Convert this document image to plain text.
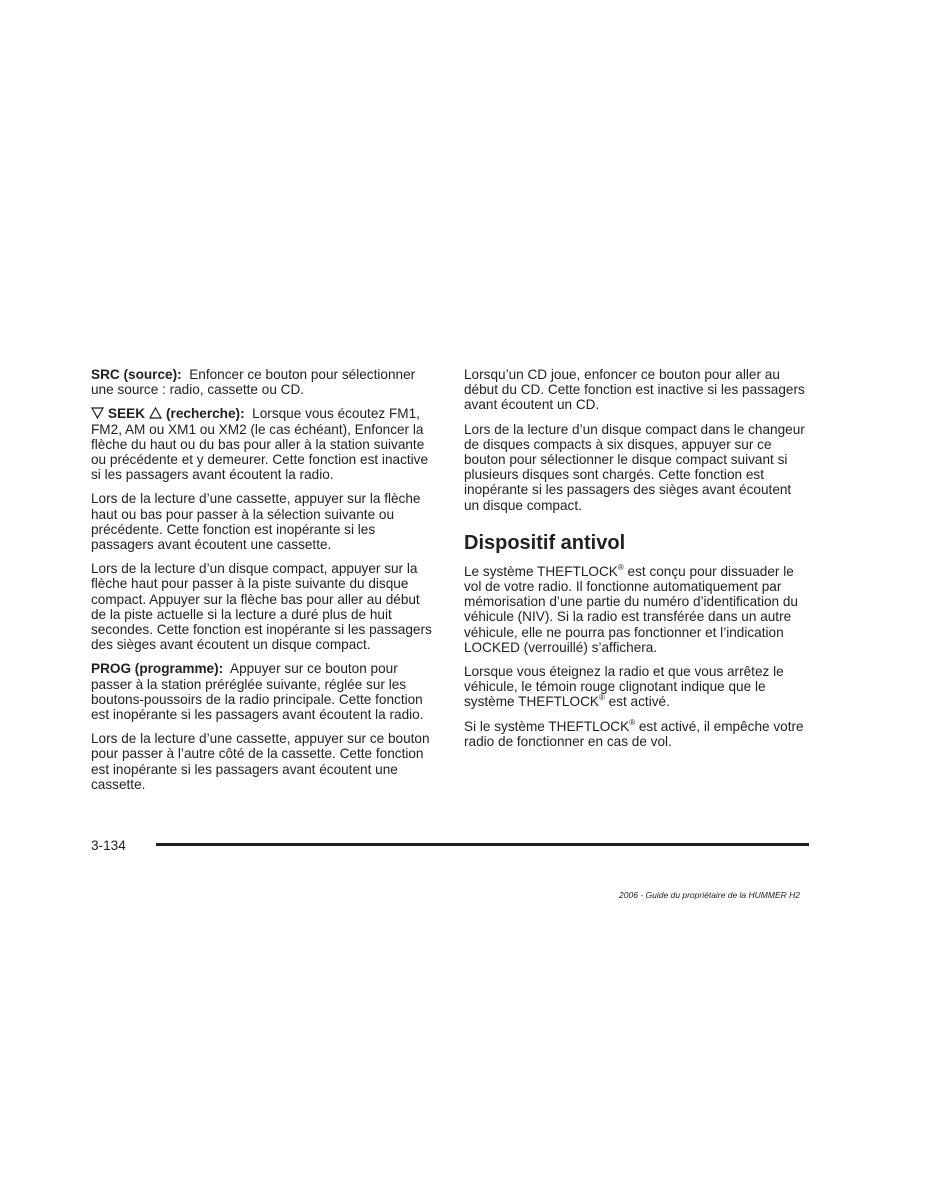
SRC (source): Enfoncer ce bouton pour sélectionner une source : radio, cassette ou CD.

SEEK (recherche): Lorsque vous écoutez FM1, FM2, AM ou XM1 ou XM2 (le cas échéant), Enfoncer la flèche du haut ou du bas pour aller à la station suivante ou précédente et y demeurer. Cette fonction est inactive si les passagers avant écoutent la radio.

Lors de la lecture d’une cassette, appuyer sur la flèche haut ou bas pour passer à la sélection suivante ou précédente. Cette fonction est inopérante si les passagers avant écoutent une cassette.

Lors de la lecture d’un disque compact, appuyer sur la flèche haut pour passer à la piste suivante du disque compact. Appuyer sur la flèche bas pour aller au début de la piste actuelle si la lecture a duré plus de huit secondes. Cette fonction est inopérante si les passagers des sièges avant écoutent un disque compact.

PROG (programme): Appuyer sur ce bouton pour passer à la station préréglée suivante, réglée sur les boutons-poussoirs de la radio principale. Cette fonction est inopérante si les passagers avant écoutent la radio.

Lors de la lecture d’une cassette, appuyer sur ce bouton pour passer à l’autre côté de la cassette. Cette fonction est inopérante si les passagers avant écoutent une cassette.

Lorsqu’un CD joue, enfoncer ce bouton pour aller au début du CD. Cette fonction est inactive si les passagers avant écoutent un CD.

Lors de la lecture d’un disque compact dans le changeur de disques compacts à six disques, appuyer sur ce bouton pour sélectionner le disque compact suivant si plusieurs disques sont chargés. Cette fonction est inopérante si les passagers des sièges avant écoutent un disque compact.

Dispositif antivol

Le système THEFTLOCK® est conçu pour dissuader le vol de votre radio. Il fonctionne automatiquement par mémorisation d’une partie du numéro d’identification du véhicule (NIV). Si la radio est transférée dans un autre véhicule, elle ne pourra pas fonctionner et l’indication LOCKED (verrouillé) s’affichera.

Lorsque vous éteignez la radio et que vous arrêtez le véhicule, le témoin rouge clignotant indique que le système THEFTLOCK® est activé.

Si le système THEFTLOCK® est activé, il empêche votre radio de fonctionner en cas de vol.

3-134
2006 - Guide du propriétaire de la HUMMER H2
